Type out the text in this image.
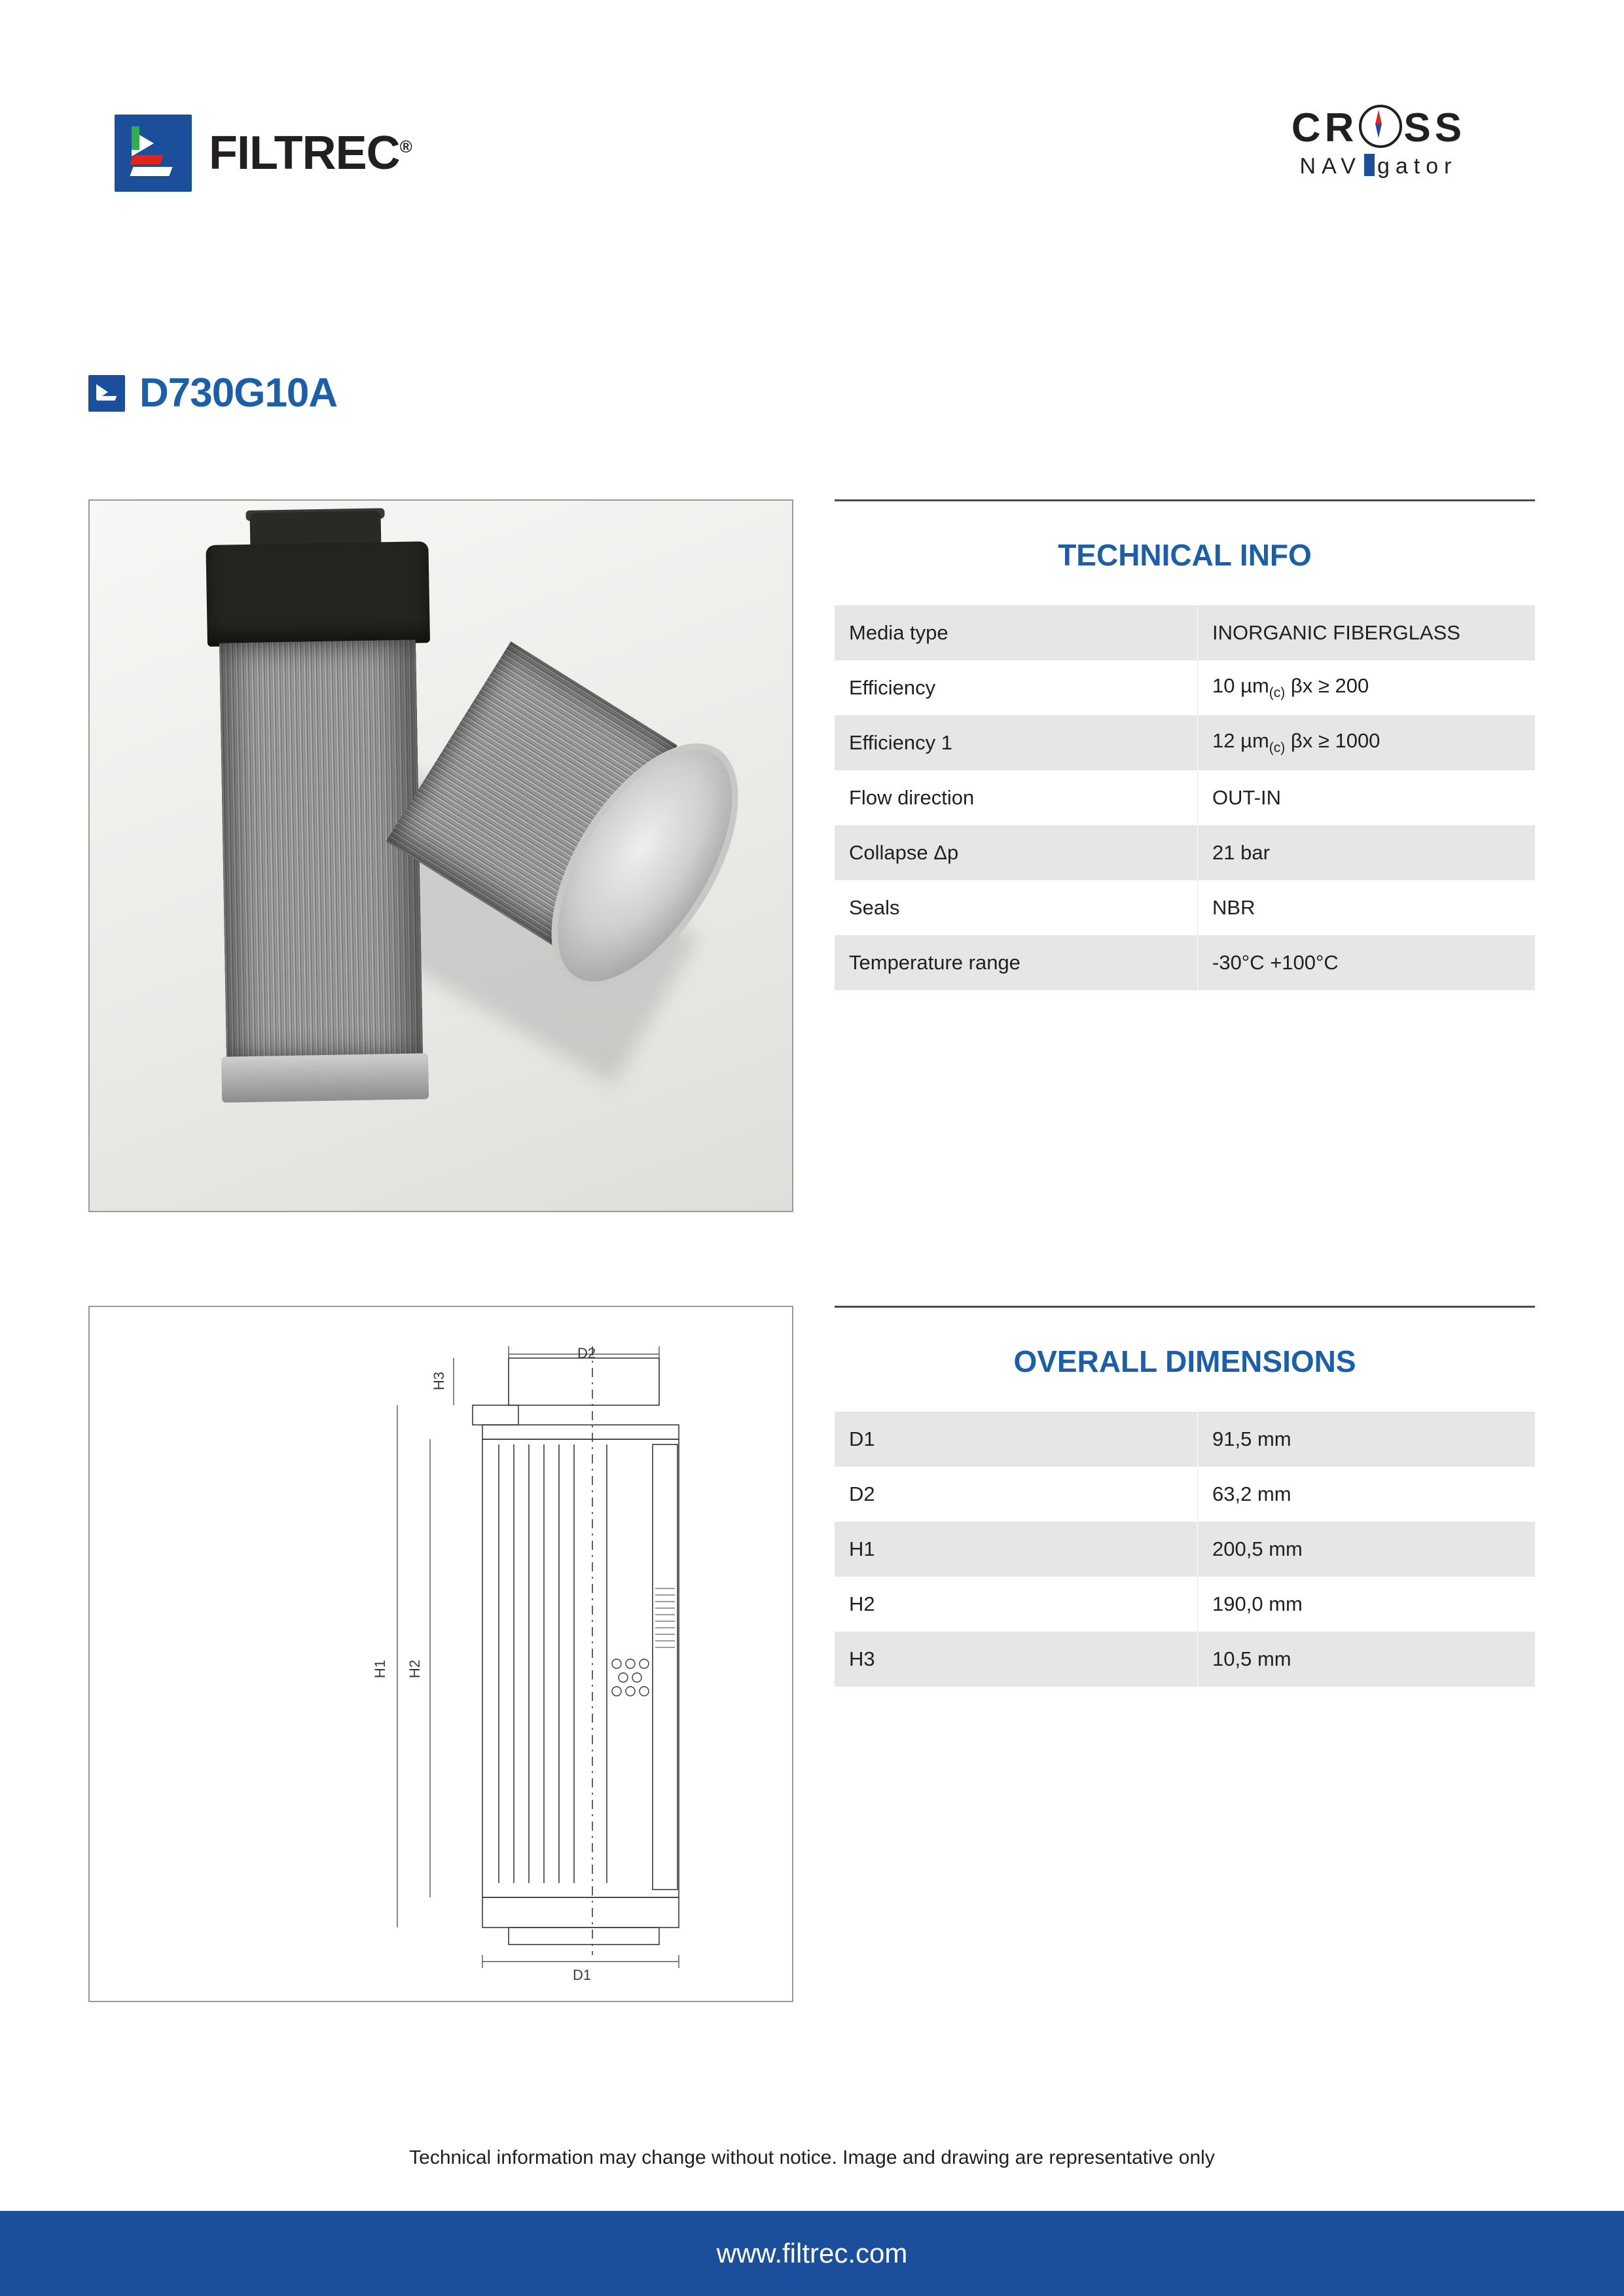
FILTREC®	CR SS NAV gator
D730G10A
D2
H3
H1 H2
D1
TECHNICAL INFO
Media type	INORGANIC FIBERGLASS
Efficiency	10 µm$_{(c)}$ βx ≥ 200
Efficiency 1	12 µm$_{(c)}$ βx ≥ 1000
Flow direction	OUT-IN
Collapse Δp	21 bar
Seals	NBR
Temperature range	-30°C +100°C
OVERALL DIMENSIONS
D1	91,5 mm
D2	63,2 mm
H1	200,5 mm
H2	190,0 mm
H3	10,5 mm
Technical information may change without notice. Image and drawing are representative only
www.filtrec.com
